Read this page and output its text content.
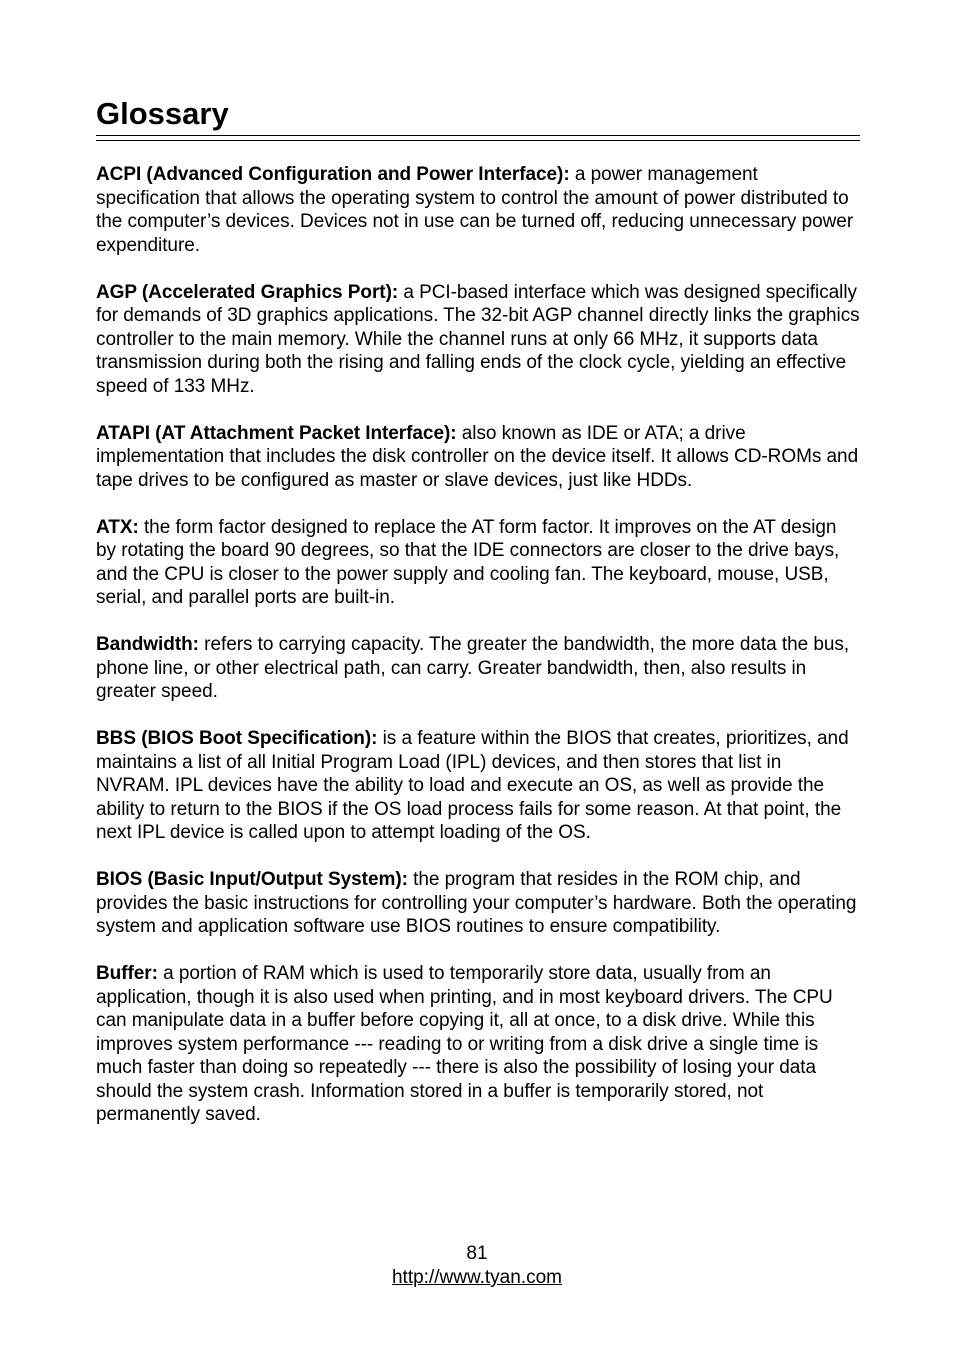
Glossary

ACPI (Advanced Configuration and Power Interface): a power management specification that allows the operating system to control the amount of power distributed to the computer’s devices. Devices not in use can be turned off, reducing unnecessary power expenditure.

AGP (Accelerated Graphics Port): a PCI-based interface which was designed specifically for demands of 3D graphics applications. The 32-bit AGP channel directly links the graphics controller to the main memory. While the channel runs at only 66 MHz, it supports data transmission during both the rising and falling ends of the clock cycle, yielding an effective speed of 133 MHz.

ATAPI (AT Attachment Packet Interface): also known as IDE or ATA; a drive implementation that includes the disk controller on the device itself. It allows CD-ROMs and tape drives to be configured as master or slave devices, just like HDDs.

ATX: the form factor designed to replace the AT form factor. It improves on the AT design by rotating the board 90 degrees, so that the IDE connectors are closer to the drive bays, and the CPU is closer to the power supply and cooling fan. The keyboard, mouse, USB, serial, and parallel ports are built-in.

Bandwidth: refers to carrying capacity. The greater the bandwidth, the more data the bus, phone line, or other electrical path, can carry. Greater bandwidth, then, also results in greater speed.

BBS (BIOS Boot Specification): is a feature within the BIOS that creates, prioritizes, and maintains a list of all Initial Program Load (IPL) devices, and then stores that list in NVRAM. IPL devices have the ability to load and execute an OS, as well as provide the ability to return to the BIOS if the OS load process fails for some reason. At that point, the next IPL device is called upon to attempt loading of the OS.

BIOS (Basic Input/Output System): the program that resides in the ROM chip, and provides the basic instructions for controlling your computer’s hardware. Both the operating system and application software use BIOS routines to ensure compatibility.

Buffer: a portion of RAM which is used to temporarily store data, usually from an application, though it is also used when printing, and in most keyboard drivers. The CPU can manipulate data in a buffer before copying it, all at once, to a disk drive. While this improves system performance --- reading to or writing from a disk drive a single time is much faster than doing so repeatedly --- there is also the possibility of losing your data should the system crash. Information stored in a buffer is temporarily stored, not permanently saved.

81
http://www.tyan.com
